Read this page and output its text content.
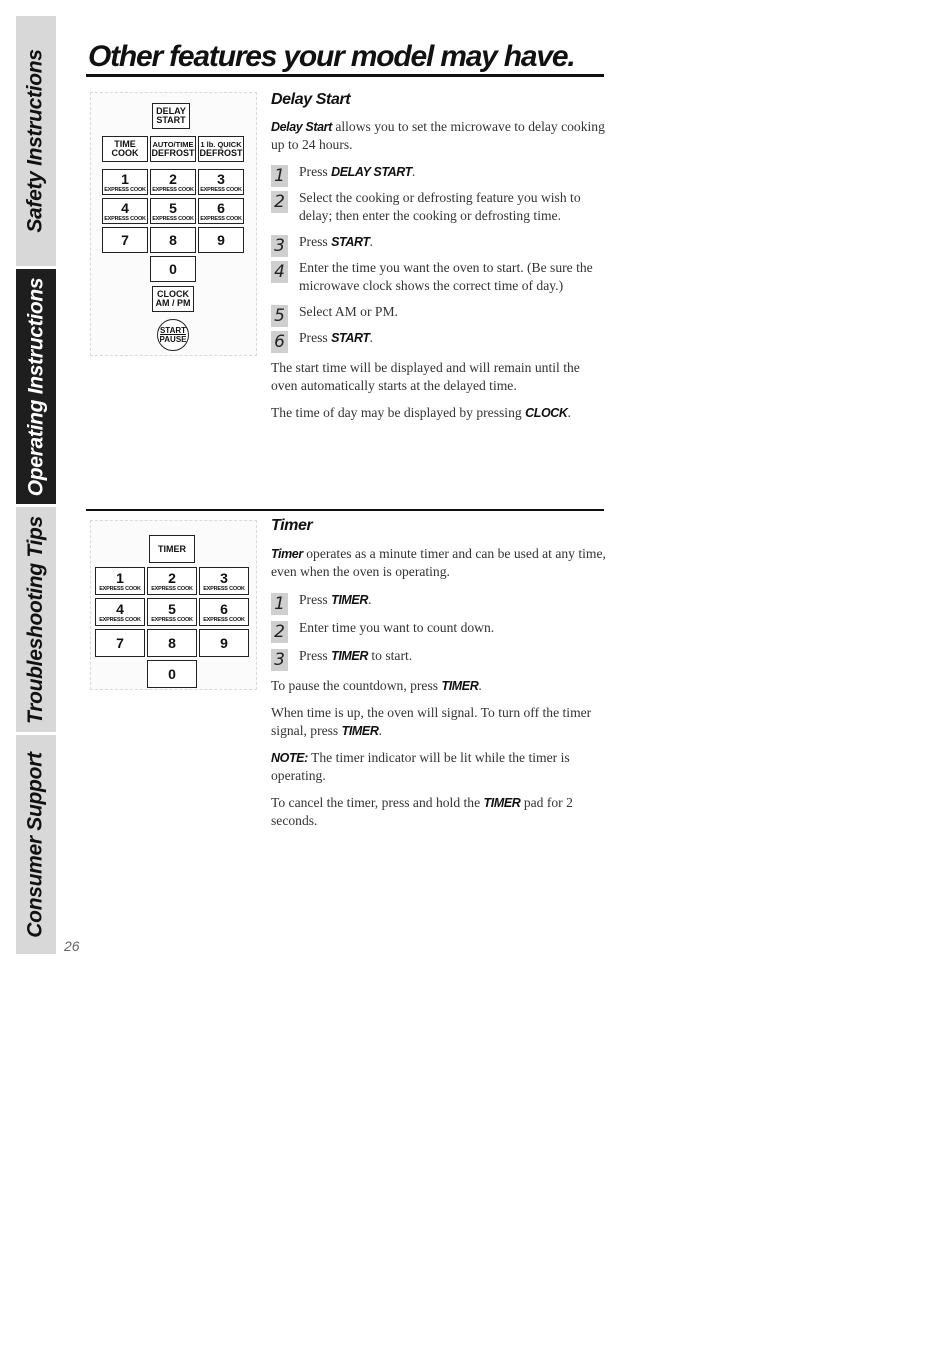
Safety Instructions
Operating Instructions
Troubleshooting Tips
Consumer Support
Other features your model may have.
DELAY
START
TIME
COOK
AUTO/TIME
DEFROST
1 lb. QUICK
DEFROST
1
EXPRESS COOK
2
EXPRESS COOK
3
EXPRESS COOK
4
EXPRESS COOK
5
EXPRESS COOK
6
EXPRESS COOK
7	8	9
0
CLOCK
AM / PM
START
PAUSE
Delay Start

Delay Start allows you to set the microwave to delay cooking up to 24 hours.

1 Press DELAY START.

2 Select the cooking or defrosting feature you wish to delay; then enter the cooking or defrosting time.

3 Press START.

4 Enter the time you want the oven to start. (Be sure the microwave clock shows the correct time of day.)

5 Select AM or PM.

6 Press START.

The start time will be displayed and will remain until the oven automatically starts at the delayed time.

The time of day may be displayed by pressing CLOCK.

TIMER
1
EXPRESS COOK
2
EXPRESS COOK
3
EXPRESS COOK
4
EXPRESS COOK
5
EXPRESS COOK
6
EXPRESS COOK
7	8	9
0
Timer

Timer operates as a minute timer and can be used at any time, even when the oven is operating.

1 Press TIMER.

2 Enter time you want to count down.

3 Press TIMER to start.

To pause the countdown, press TIMER.

When time is up, the oven will signal. To turn off the timer signal, press TIMER.

NOTE: The timer indicator will be lit while the timer is operating.

To cancel the timer, press and hold the TIMER pad for 2 seconds.

26
